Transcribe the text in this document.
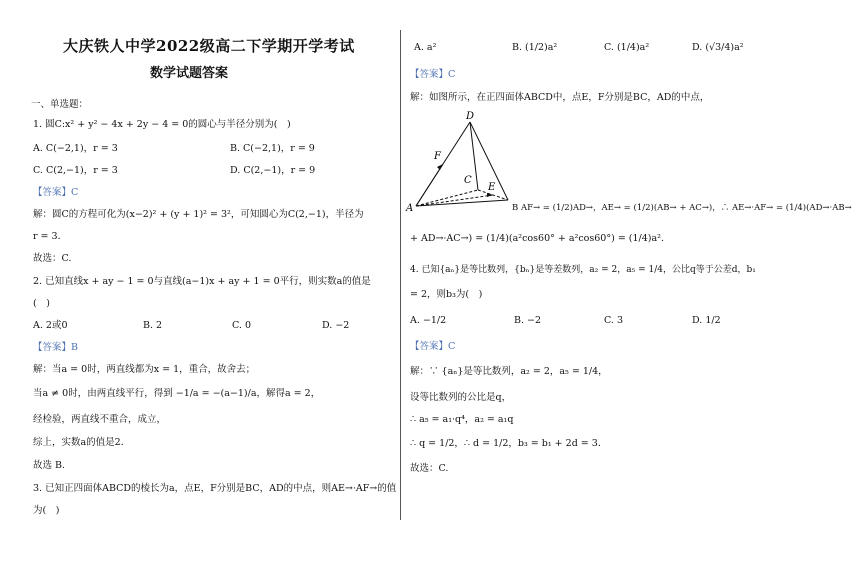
大庆铁人中学2022级高二下学期开学考试
数学试题答案
一、单选题：
1. 圆C:x² + y² − 4x + 2y − 4 = 0的圆心与半径分别为(　)
A. C(−2,1)，r = 3	B. C(−2,1)，r = 9
C. C(2,−1)，r = 3	D. C(2,−1)，r = 9
【答案】C
解：圆C的方程可化为(x−2)² + (y + 1)² = 3²，可知圆心为C(2,−1)，半径为
r = 3．
故选：C.
2. 已知直线x + ay − 1 = 0与直线(a−1)x + ay + 1 = 0平行，则实数a的值是
(　)
A. 2或0	B. 2	C. 0	D. −2
【答案】B
解：当a = 0时，两直线都为x = 1，重合，故舍去；
当a ≠ 0时，由两直线平行，得到 −1/a = −(a−1)/a，解得a = 2，
经检验，两直线不重合，成立，
综上，实数a的值是2．
故选 B.
3. 已知正四面体ABCD的棱长为a，点E，F分别是BC，AD的中点，则AE→·AF→的值
为(　)
A. a²	B. (1/2)a²	C. (1/4)a²	D. (√3/4)a²
【答案】C
解：如图所示，在正四面体ABCD中，点E，F分别是BC，AD的中点，
D
F
C
E
A	B AF→ = (1/2)AD→，AE→ = (1/2)(AB→ + AC→)，∴ AE→·AF→ = (1/4)(AD→·AB→
+ AD→·AC→) = (1/4)(a²cos60° + a²cos60°) = (1/4)a².
4. 已知{aₙ}是等比数列，{bₙ}是等差数列，a₂ = 2，a₅ = 1/4，公比q等于公差d，b₁
= 2，则b₃为(　)
A. −1/2	B. −2	C. 3	D. 1/2
【答案】C
解：∵ {aₙ}是等比数列，a₂ = 2，a₅ = 1/4，
设等比数列的公比是q，
∴ a₅ = a₁·q⁴，a₂ = a₁q
∴ q = 1/2，∴ d = 1/2，b₃ = b₁ + 2d = 3．
故选：C.
